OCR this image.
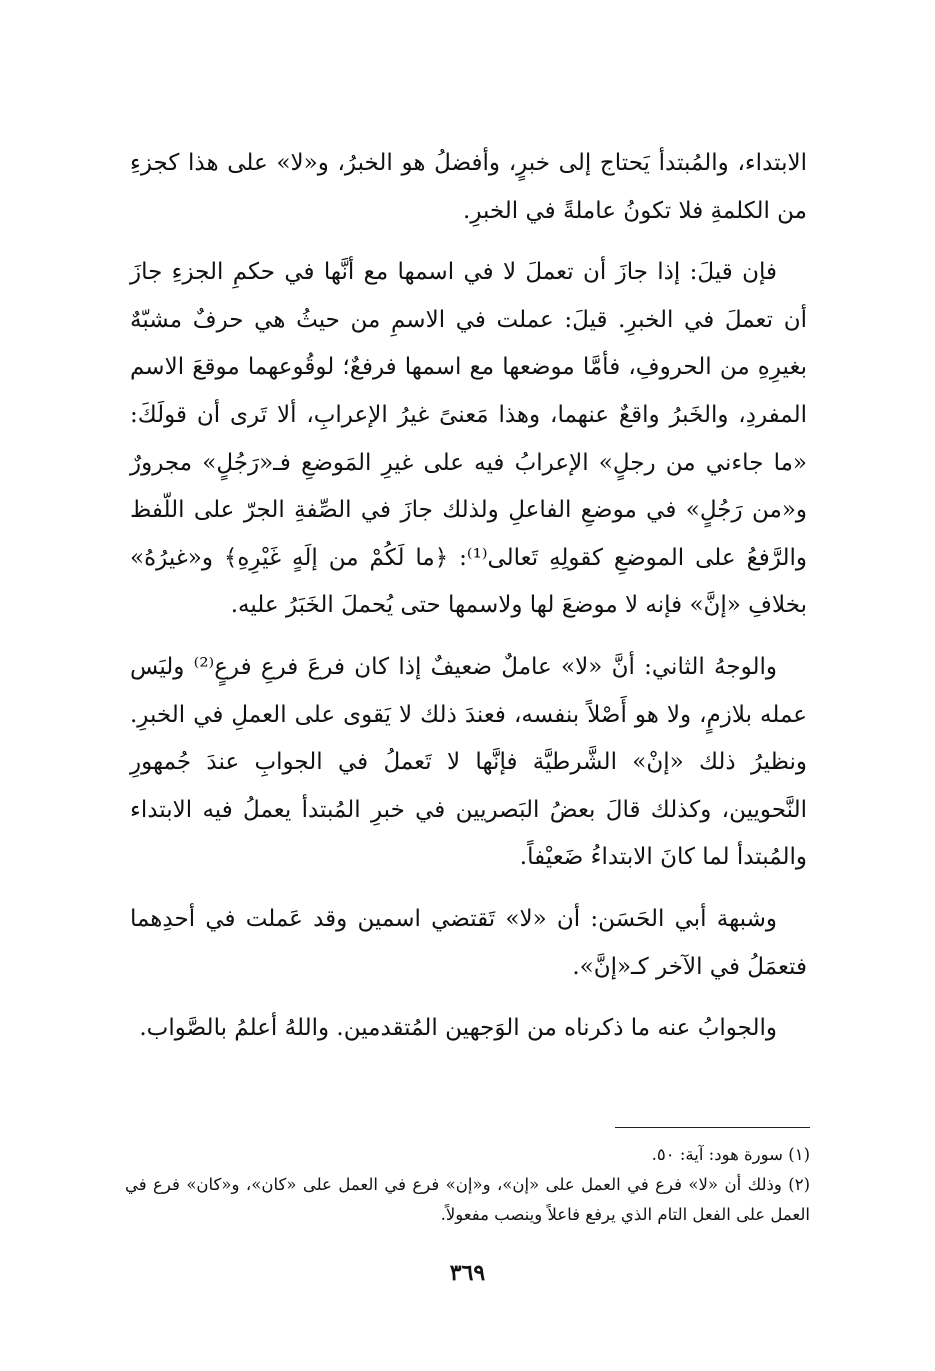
الابتداء، والمُبتدأ يَحتاج إلى خبرٍ، وأفضلُ هو الخبرُ، و«لا» على هذا كجزءِ من الكلمةِ فلا تكونُ عاملةً في الخبرِ.

فإن قيلَ: إذا جازَ أن تعملَ لا في اسمها مع أنَّها في حكمِ الجزءِ جازَ أن تعملَ في الخبرِ. قيلَ: عملت في الاسمِ من حيثُ هي حرفٌ مشبّهٌ بغيرِهِ من الحروفِ، فأمَّا موضعها مع اسمها فرفعٌ؛ لوقُوعهما موقعَ الاسم المفردِ، والخَبرُ واقعٌ عنهما، وهذا مَعنىً غيرُ الإعرابِ، ألا تَرى أن قولَكَ: «ما جاءني من رجلٍ» الإعرابُ فيه على غيرِ المَوضعِ فـ«رَجُلٍ» مجرورٌ و«من رَجُلٍ» في موضعِ الفاعلِ ولذلك جازَ في الصِّفةِ الجرّ على اللّفظ والرَّفعُ على الموضعِ كقولِهِ تَعالى⁽¹⁾: ﴿ما لَكُمْ من إلَهٍ غَيْرِهِ﴾ و«غيرُهُ» بخلافِ «إنَّ» فإنه لا موضعَ لها ولاسمها حتى يُحملَ الخَبَرُ عليه.

والوجهُ الثاني: أنَّ «لا» عاملٌ ضعيفٌ إذا كان فرعَ فرعِ فرعٍ⁽²⁾ وليَس عمله بلازمٍ، ولا هو أَصْلاً بنفسه، فعندَ ذلك لا يَقوى على العملِ في الخبرِ. ونظيرُ ذلك «إنْ» الشَّرطيَّة فإنَّها لا تَعملُ في الجوابِ عندَ جُمهورِ النَّحويين، وكذلك قالَ بعضُ البَصريين في خبرِ المُبتدأ يعملُ فيه الابتداء والمُبتدأ لما كانَ الابتداءُ ضَعيْفاً.

وشبهة أبي الحَسَن: أن «لا» تَقتضي اسمين وقد عَملت في أحدِهما فتعمَلُ في الآخر كـ«إنَّ».

والجوابُ عنه ما ذكرناه من الوَجهين المُتقدمين. واللهُ أعلمُ بالصَّواب.

(١) سورة هود: آية: ٥٠.

(٢) وذلك أن «لا» فرع في العمل على «إن»، و«إن» فرع في العمل على «كان»، و«كان» فرع في العمل على الفعل التام الذي يرفع فاعلاً وينصب مفعولاً.

٣٦٩
